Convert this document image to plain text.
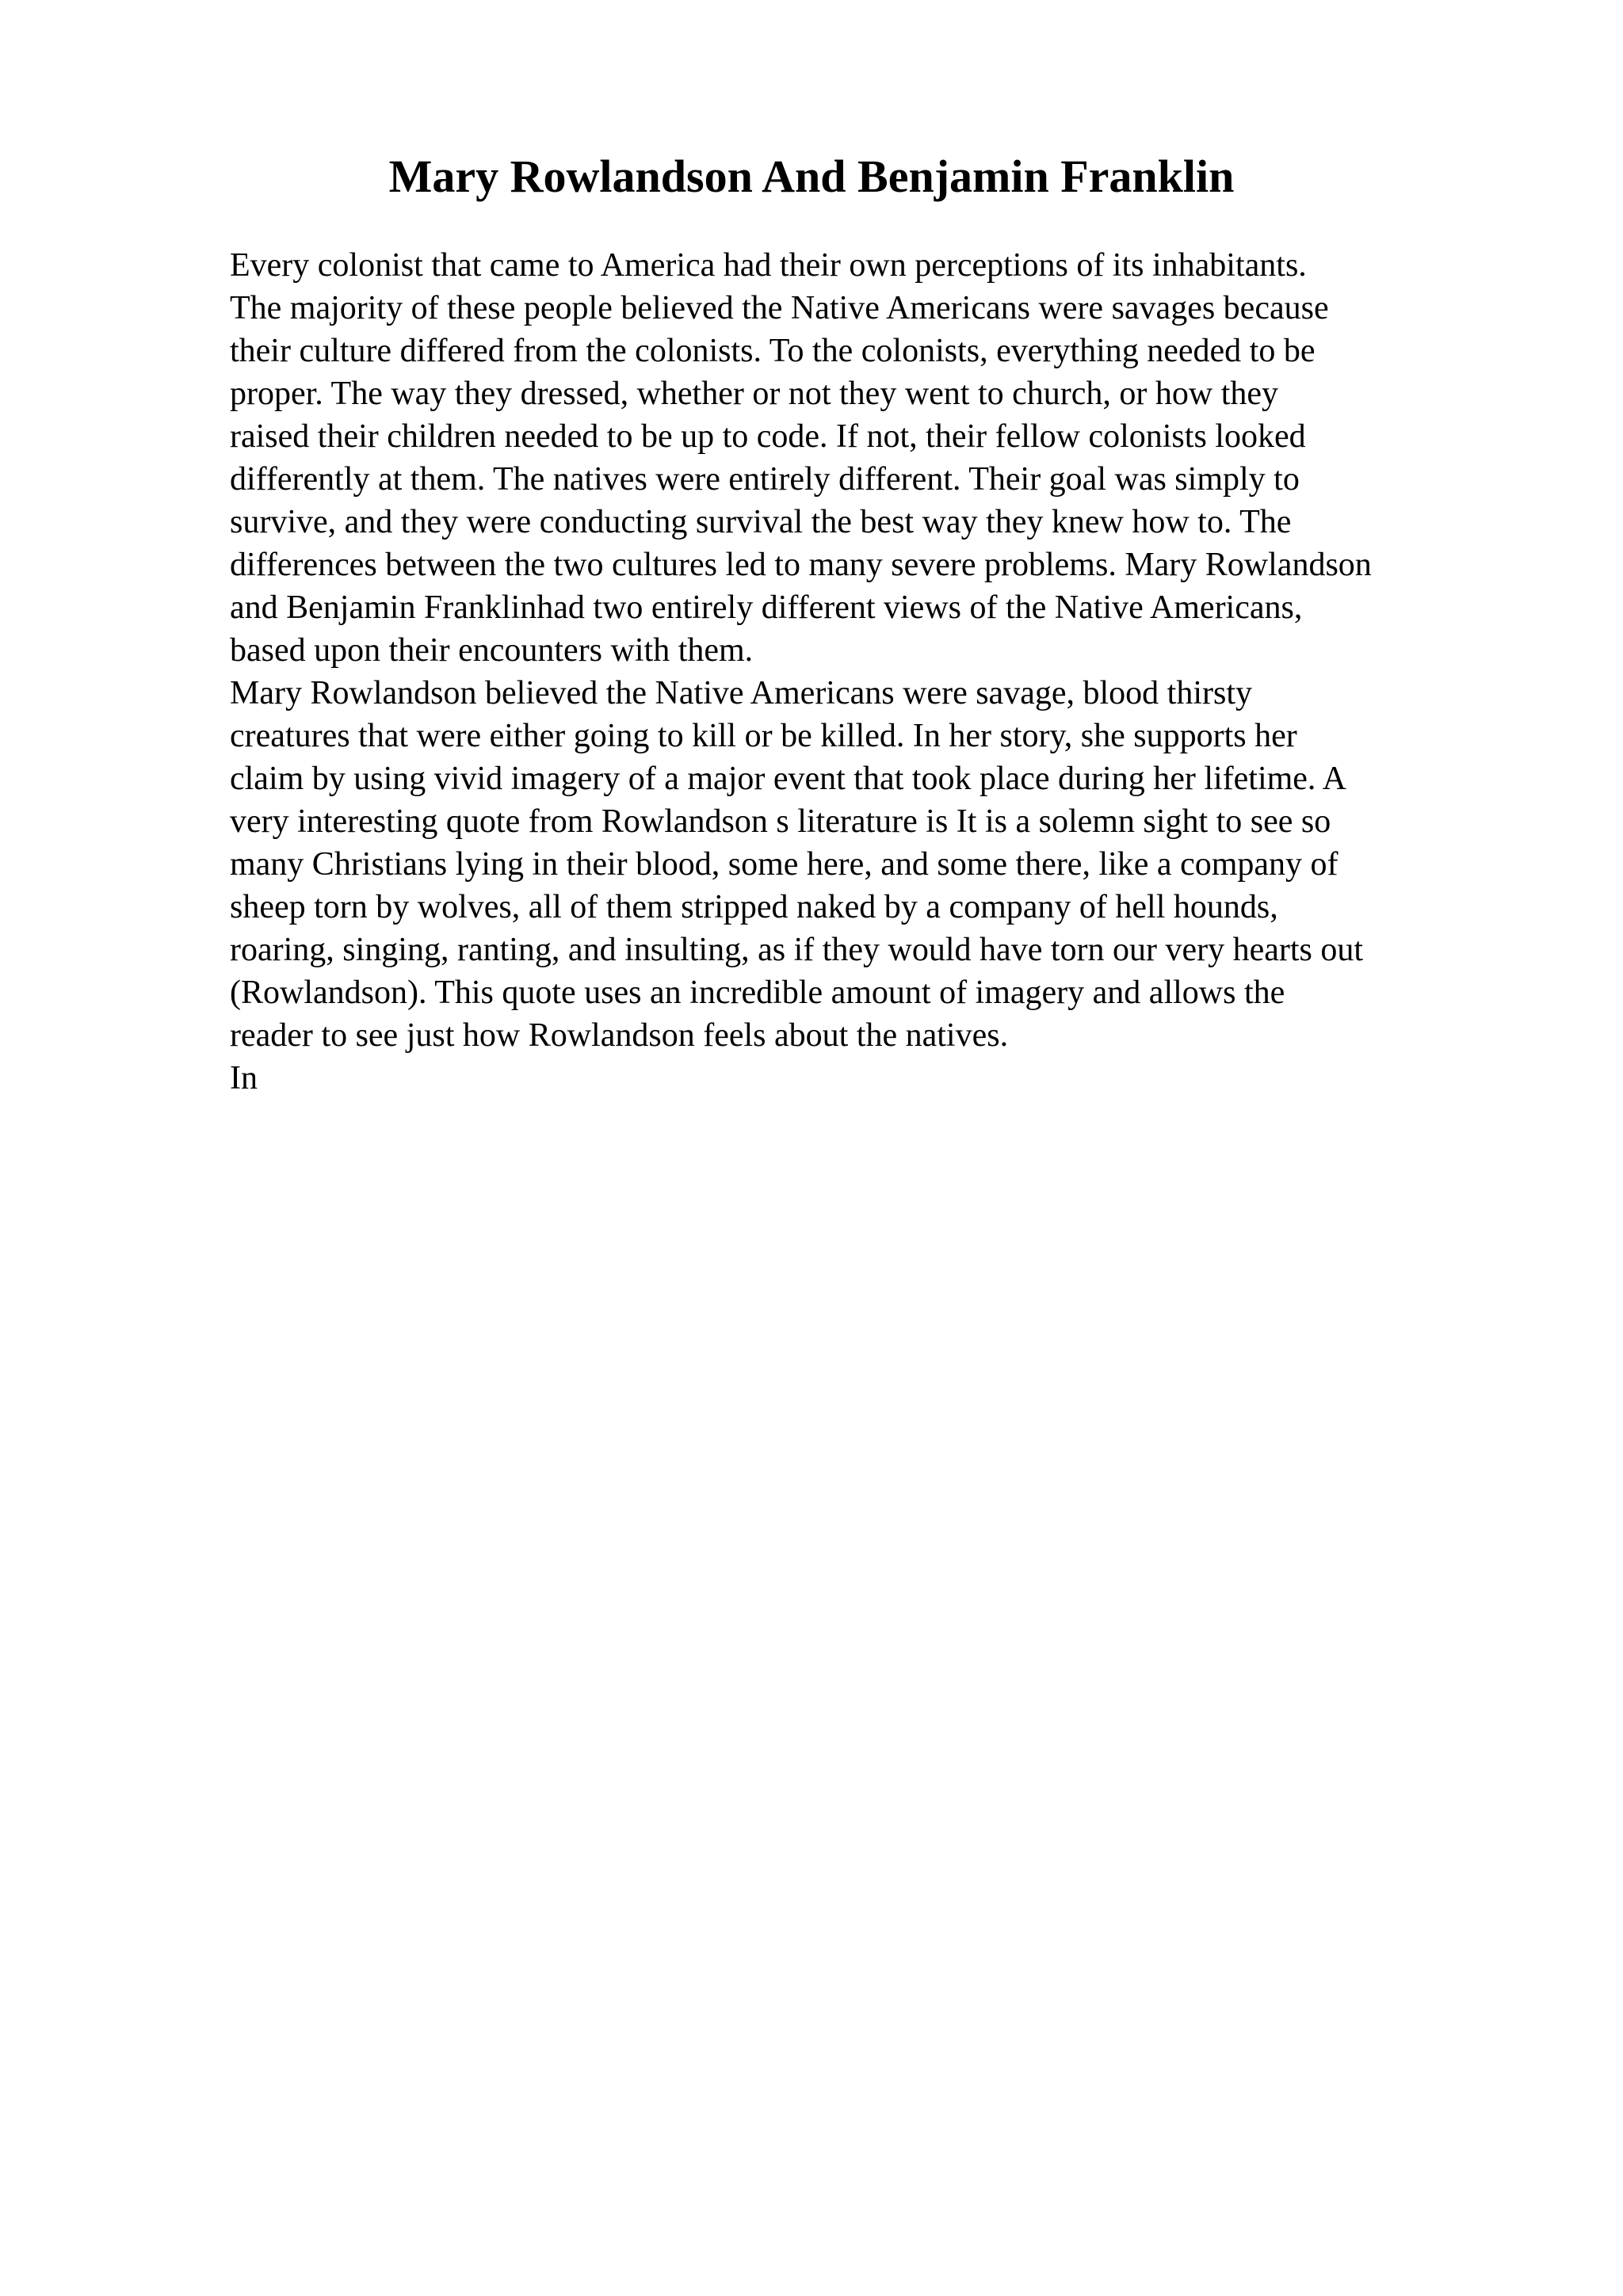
Mary Rowlandson And Benjamin Franklin
Every colonist that came to America had their own perceptions of its inhabitants.
The majority of these people believed the Native Americans were savages because
their culture differed from the colonists. To the colonists, everything needed to be
proper. The way they dressed, whether or not they went to church, or how they
raised their children needed to be up to code. If not, their fellow colonists looked
differently at them. The natives were entirely different. Their goal was simply to
survive, and they were conducting survival the best way they knew how to. The
differences between the two cultures led to many severe problems. Mary Rowlandson
and Benjamin Franklinhad two entirely different views of the Native Americans,
based upon their encounters with them.
Mary Rowlandson believed the Native Americans were savage, blood thirsty
creatures that were either going to kill or be killed. In her story, she supports her
claim by using vivid imagery of a major event that took place during her lifetime. A
very interesting quote from Rowlandson s literature is It is a solemn sight to see so
many Christians lying in their blood, some here, and some there, like a company of
sheep torn by wolves, all of them stripped naked by a company of hell hounds,
roaring, singing, ranting, and insulting, as if they would have torn our very hearts out
(Rowlandson). This quote uses an incredible amount of imagery and allows the
reader to see just how Rowlandson feels about the natives.
In
